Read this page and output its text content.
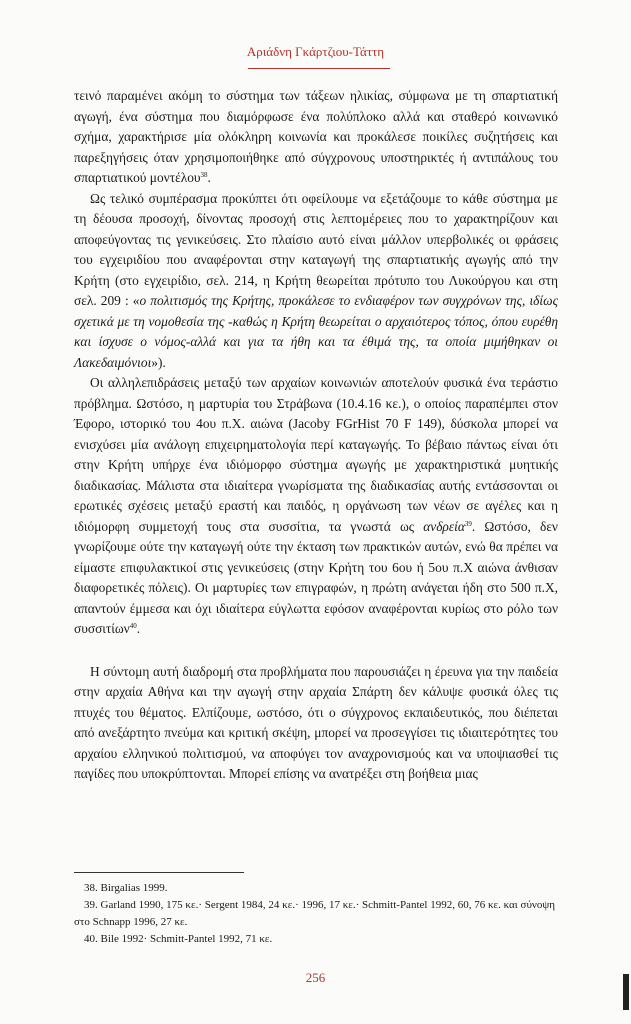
Αριάδνη Γκάρτζιου-Τάττη

τεινό παραμένει ακόμη το σύστημα των τάξεων ηλικίας, σύμφωνα με τη σπαρτιατική αγωγή, ένα σύστημα που διαμόρφωσε ένα πολύπλοκο αλλά και σταθερό κοινωνικό σχήμα, χαρακτήρισε μία ολόκληρη κοινωνία και προκάλεσε ποικίλες συζητήσεις και παρεξηγήσεις όταν χρησιμοποιήθηκε από σύγχρονους υποστηρικτές ή αντιπάλους του σπαρτιατικού μοντέλου$^{38}$.

Ως τελικό συμπέρασμα προκύπτει ότι οφείλουμε να εξετάζουμε το κάθε σύστημα με τη δέουσα προσοχή, δίνοντας προσοχή στις λεπτομέρειες που το χαρακτηρίζουν και αποφεύγοντας τις γενικεύσεις. Στο πλαίσιο αυτό είναι μάλλον υπερβολικές οι φράσεις του εγχειριδίου που αναφέρονται στην καταγωγή της σπαρτιατικής αγωγής από την Κρήτη (στο εγχειρίδιο, σελ. 214, η Κρήτη θεωρείται πρότυπο του Λυκούργου και στη σελ. 209 : «ο πολιτισμός της Κρήτης, προκάλεσε το ενδιαφέρον των συγχρόνων της, ιδίως σχετικά με τη νομοθεσία της -καθώς η Κρήτη θεωρείται ο αρχαιότερος τόπος, όπου ευρέθη και ίσχυσε ο νόμος-αλλά και για τα ήθη και τα έθιμά της, τα οποία μιμήθηκαν οι Λακεδαιμόνιοι»).

Οι αλληλεπιδράσεις μεταξύ των αρχαίων κοινωνιών αποτελούν φυσικά ένα τεράστιο πρόβλημα. Ωστόσο, η μαρτυρία του Στράβωνα (10.4.16 κε.), ο οποίος παραπέμπει στον Έφορο, ιστορικό του 4ου π.Χ. αιώνα (Jacoby FGrHist 70 F 149), δύσκολα μπορεί να ενισχύσει μία ανάλογη επιχειρηματολογία περί καταγωγής. Το βέβαιο πάντως είναι ότι στην Κρήτη υπήρχε ένα ιδιόμορφο σύστημα αγωγής με χαρακτηριστικά μυητικής διαδικασίας. Μάλιστα στα ιδιαίτερα γνωρίσματα της διαδικασίας αυτής εντάσσονται οι ερωτικές σχέσεις μεταξύ εραστή και παιδός, η οργάνωση των νέων σε αγέλες και η ιδιόμορφη συμμετοχή τους στα συσσίτια, τα γνωστά ως ανδρεία$^{39}$. Ωστόσο, δεν γνωρίζουμε ούτε την καταγωγή ούτε την έκταση των πρακτικών αυτών, ενώ θα πρέπει να είμαστε επιφυλακτικοί στις γενικεύσεις (στην Κρήτη του 6ου ή 5ου π.Χ αιώνα άνθισαν διαφορετικές πόλεις). Οι μαρτυρίες των επιγραφών, η πρώτη ανάγεται ήδη στο 500 π.Χ, απαντούν έμμεσα και όχι ιδιαίτερα εύγλωττα εφόσον αναφέρονται κυρίως στο ρόλο των συσσιτίων$^{40}$.

Η σύντομη αυτή διαδρομή στα προβλήματα που παρουσιάζει η έρευνα για την παιδεία στην αρχαία Αθήνα και την αγωγή στην αρχαία Σπάρτη δεν κάλυψε φυσικά όλες τις πτυχές του θέματος. Ελπίζουμε, ωστόσο, ότι ο σύγχρονος εκπαιδευτικός, που διέπεται από ανεξάρτητο πνεύμα και κριτική σκέψη, μπορεί να προσεγγίσει τις ιδιαιτερότητες του αρχαίου ελληνικού πολιτισμού, να αποφύγει τον αναχρονισμούς και να υποψιασθεί τις παγίδες που υποκρύπτονται. Μπορεί επίσης να ανατρέξει στη βοήθεια μιας

38. Birgalias 1999.

39. Garland 1990, 175 κε.· Sergent 1984, 24 κε.· 1996, 17 κε.· Schmitt-Pantel 1992, 60, 76 κε. και σύνοψη στο Schnapp 1996, 27 κε.

40. Bile 1992· Schmitt-Pantel 1992, 71 κε.

256
